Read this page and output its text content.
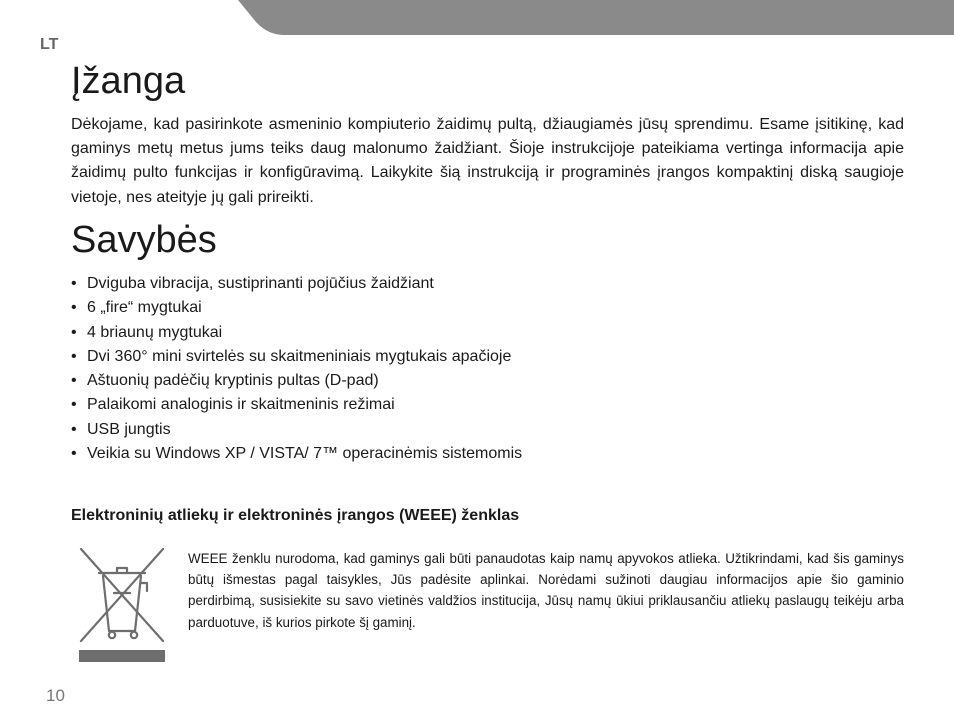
LT
Įžanga

Dėkojame, kad pasirinkote asmeninio kompiuterio žaidimų pultą, džiaugiamės jūsų sprendimu. Esame įsitikinę, kad gaminys metų metus jums teiks daug malonumo žaidžiant. Šioje instrukcijoje pateikiama vertinga informacija apie žaidimų pulto funkcijas ir konfigūravimą. Laikykite šią instrukciją ir programinės įrangos kompaktinį diską saugioje vietoje, nes ateityje jų gali prireikti.

Savybės
• Dviguba vibracija, sustiprinanti pojūčius žaidžiant
• 6 „fire“ mygtukai
• 4 briaunų mygtukai
• Dvi 360° mini svirtelės su skaitmeniniais mygtukais apačioje
• Aštuonių padėčių kryptinis pultas (D-pad)
• Palaikomi analoginis ir skaitmeninis režimai
• USB jungtis
• Veikia su Windows XP / VISTA/ 7™ operacinėmis sistemomis
Elektroninių atliekų ir elektroninės įrangos (WEEE) ženklas

WEEE ženklu nurodoma, kad gaminys gali būti panaudotas kaip namų apyvokos atlieka. Užtikrindami, kad šis gaminys būtų išmestas pagal taisykles, Jūs padėsite aplinkai. Norėdami sužinoti daugiau informacijos apie šio gaminio perdirbimą, susisiekite su savo vietinės valdžios institucija, Jūsų namų ūkiui priklausančiu atliekų paslaugų teikėju arba parduotuve, iš kurios pirkote šį gaminį.

10
